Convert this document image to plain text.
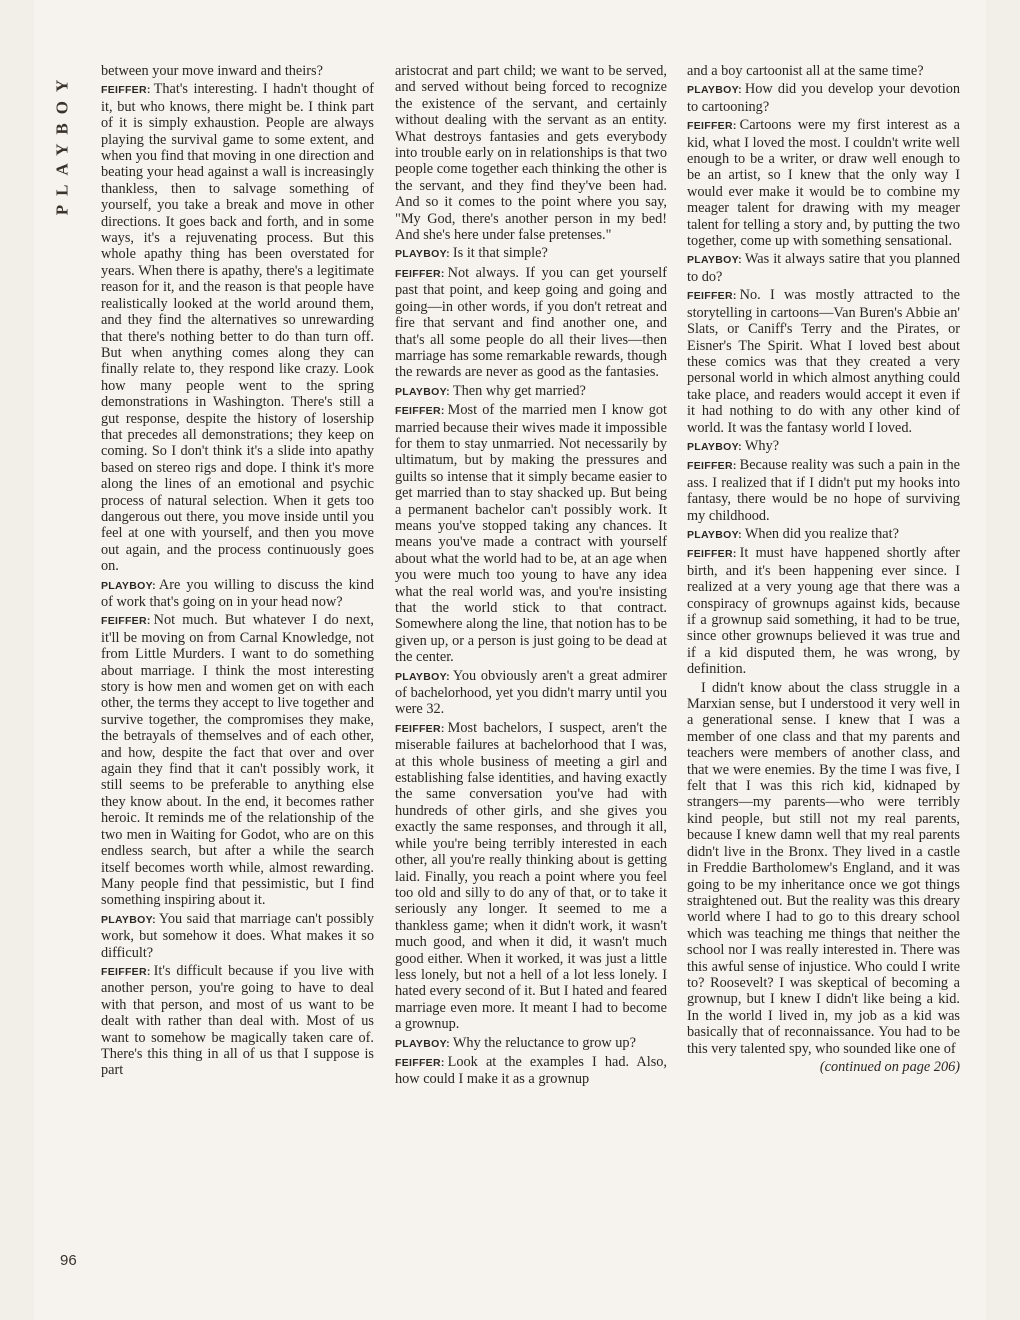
PLAYBOY
96

between your move inward and theirs?

FEIFFER: That's interesting. I hadn't thought of it, but who knows, there might be. I think part of it is simply exhaustion. People are always playing the survival game to some extent, and when you find that moving in one direction and beating your head against a wall is increasingly thankless, then to salvage something of yourself, you take a break and move in other directions. It goes back and forth, and in some ways, it's a rejuvenating process. But this whole apathy thing has been overstated for years. When there is apathy, there's a legitimate reason for it, and the reason is that people have realistically looked at the world around them, and they find the alternatives so unrewarding that there's nothing better to do than turn off. But when anything comes along they can finally relate to, they respond like crazy. Look how many people went to the spring demonstrations in Washington. There's still a gut response, despite the history of losership that precedes all demonstrations; they keep on coming. So I don't think it's a slide into apathy based on stereo rigs and dope. I think it's more along the lines of an emotional and psychic process of natural selection. When it gets too dangerous out there, you move inside until you feel at one with yourself, and then you move out again, and the process continuously goes on.

PLAYBOY: Are you willing to discuss the kind of work that's going on in your head now?

FEIFFER: Not much. But whatever I do next, it'll be moving on from Carnal Knowledge, not from Little Murders. I want to do something about marriage. I think the most interesting story is how men and women get on with each other, the terms they accept to live together and survive together, the compromises they make, the betrayals of themselves and of each other, and how, despite the fact that over and over again they find that it can't possibly work, it still seems to be preferable to anything else they know about. In the end, it becomes rather heroic. It reminds me of the relationship of the two men in Waiting for Godot, who are on this endless search, but after a while the search itself becomes worth while, almost rewarding. Many people find that pessimistic, but I find something inspiring about it.

PLAYBOY: You said that marriage can't possibly work, but somehow it does. What makes it so difficult?

FEIFFER: It's difficult because if you live with another person, you're going to have to deal with that person, and most of us want to be dealt with rather than deal with. Most of us want to somehow be magically taken care of. There's this thing in all of us that I suppose is part

aristocrat and part child; we want to be served, and served without being forced to recognize the existence of the servant, and certainly without dealing with the servant as an entity. What destroys fantasies and gets everybody into trouble early on in relationships is that two people come together each thinking the other is the servant, and they find they've been had. And so it comes to the point where you say, "My God, there's another person in my bed! And she's here under false pretenses."

PLAYBOY: Is it that simple?

FEIFFER: Not always. If you can get yourself past that point, and keep going and going and going—in other words, if you don't retreat and fire that servant and find another one, and that's all some people do all their lives—then marriage has some remarkable rewards, though the rewards are never as good as the fantasies.

PLAYBOY: Then why get married?

FEIFFER: Most of the married men I know got married because their wives made it impossible for them to stay unmarried. Not necessarily by ultimatum, but by making the pressures and guilts so intense that it simply became easier to get married than to stay shacked up. But being a permanent bachelor can't possibly work. It means you've stopped taking any chances. It means you've made a contract with yourself about what the world had to be, at an age when you were much too young to have any idea what the real world was, and you're insisting that the world stick to that contract. Somewhere along the line, that notion has to be given up, or a person is just going to be dead at the center.

PLAYBOY: You obviously aren't a great admirer of bachelorhood, yet you didn't marry until you were 32.

FEIFFER: Most bachelors, I suspect, aren't the miserable failures at bachelorhood that I was, at this whole business of meeting a girl and establishing false identities, and having exactly the same conversation you've had with hundreds of other girls, and she gives you exactly the same responses, and through it all, while you're being terribly interested in each other, all you're really thinking about is getting laid. Finally, you reach a point where you feel too old and silly to do any of that, or to take it seriously any longer. It seemed to me a thankless game; when it didn't work, it wasn't much good, and when it did, it wasn't much good either. When it worked, it was just a little less lonely, but not a hell of a lot less lonely. I hated every second of it. But I hated and feared marriage even more. It meant I had to become a grownup.

PLAYBOY: Why the reluctance to grow up?

FEIFFER: Look at the examples I had. Also, how could I make it as a grownup

and a boy cartoonist all at the same time?

PLAYBOY: How did you develop your devotion to cartooning?

FEIFFER: Cartoons were my first interest as a kid, what I loved the most. I couldn't write well enough to be a writer, or draw well enough to be an artist, so I knew that the only way I would ever make it would be to combine my meager talent for drawing with my meager talent for telling a story and, by putting the two together, come up with something sensational.

PLAYBOY: Was it always satire that you planned to do?

FEIFFER: No. I was mostly attracted to the storytelling in cartoons—Van Buren's Abbie an' Slats, or Caniff's Terry and the Pirates, or Eisner's The Spirit. What I loved best about these comics was that they created a very personal world in which almost anything could take place, and readers would accept it even if it had nothing to do with any other kind of world. It was the fantasy world I loved.

PLAYBOY: Why?

FEIFFER: Because reality was such a pain in the ass. I realized that if I didn't put my hooks into fantasy, there would be no hope of surviving my childhood.

PLAYBOY: When did you realize that?

FEIFFER: It must have happened shortly after birth, and it's been happening ever since. I realized at a very young age that there was a conspiracy of grownups against kids, because if a grownup said something, it had to be true, since other grownups believed it was true and if a kid disputed them, he was wrong, by definition.

I didn't know about the class struggle in a Marxian sense, but I understood it very well in a generational sense. I knew that I was a member of one class and that my parents and teachers were members of another class, and that we were enemies. By the time I was five, I felt that I was this rich kid, kidnaped by strangers—my parents—who were terribly kind people, but still not my real parents, because I knew damn well that my real parents didn't live in the Bronx. They lived in a castle in Freddie Bartholomew's England, and it was going to be my inheritance once we got things straightened out. But the reality was this dreary world where I had to go to this dreary school which was teaching me things that neither the school nor I was really interested in. There was this awful sense of injustice. Who could I write to? Roosevelt? I was skeptical of becoming a grownup, but I knew I didn't like being a kid. In the world I lived in, my job as a kid was basically that of reconnaissance. You had to be this very talented spy, who sounded like one of

(continued on page 206)
